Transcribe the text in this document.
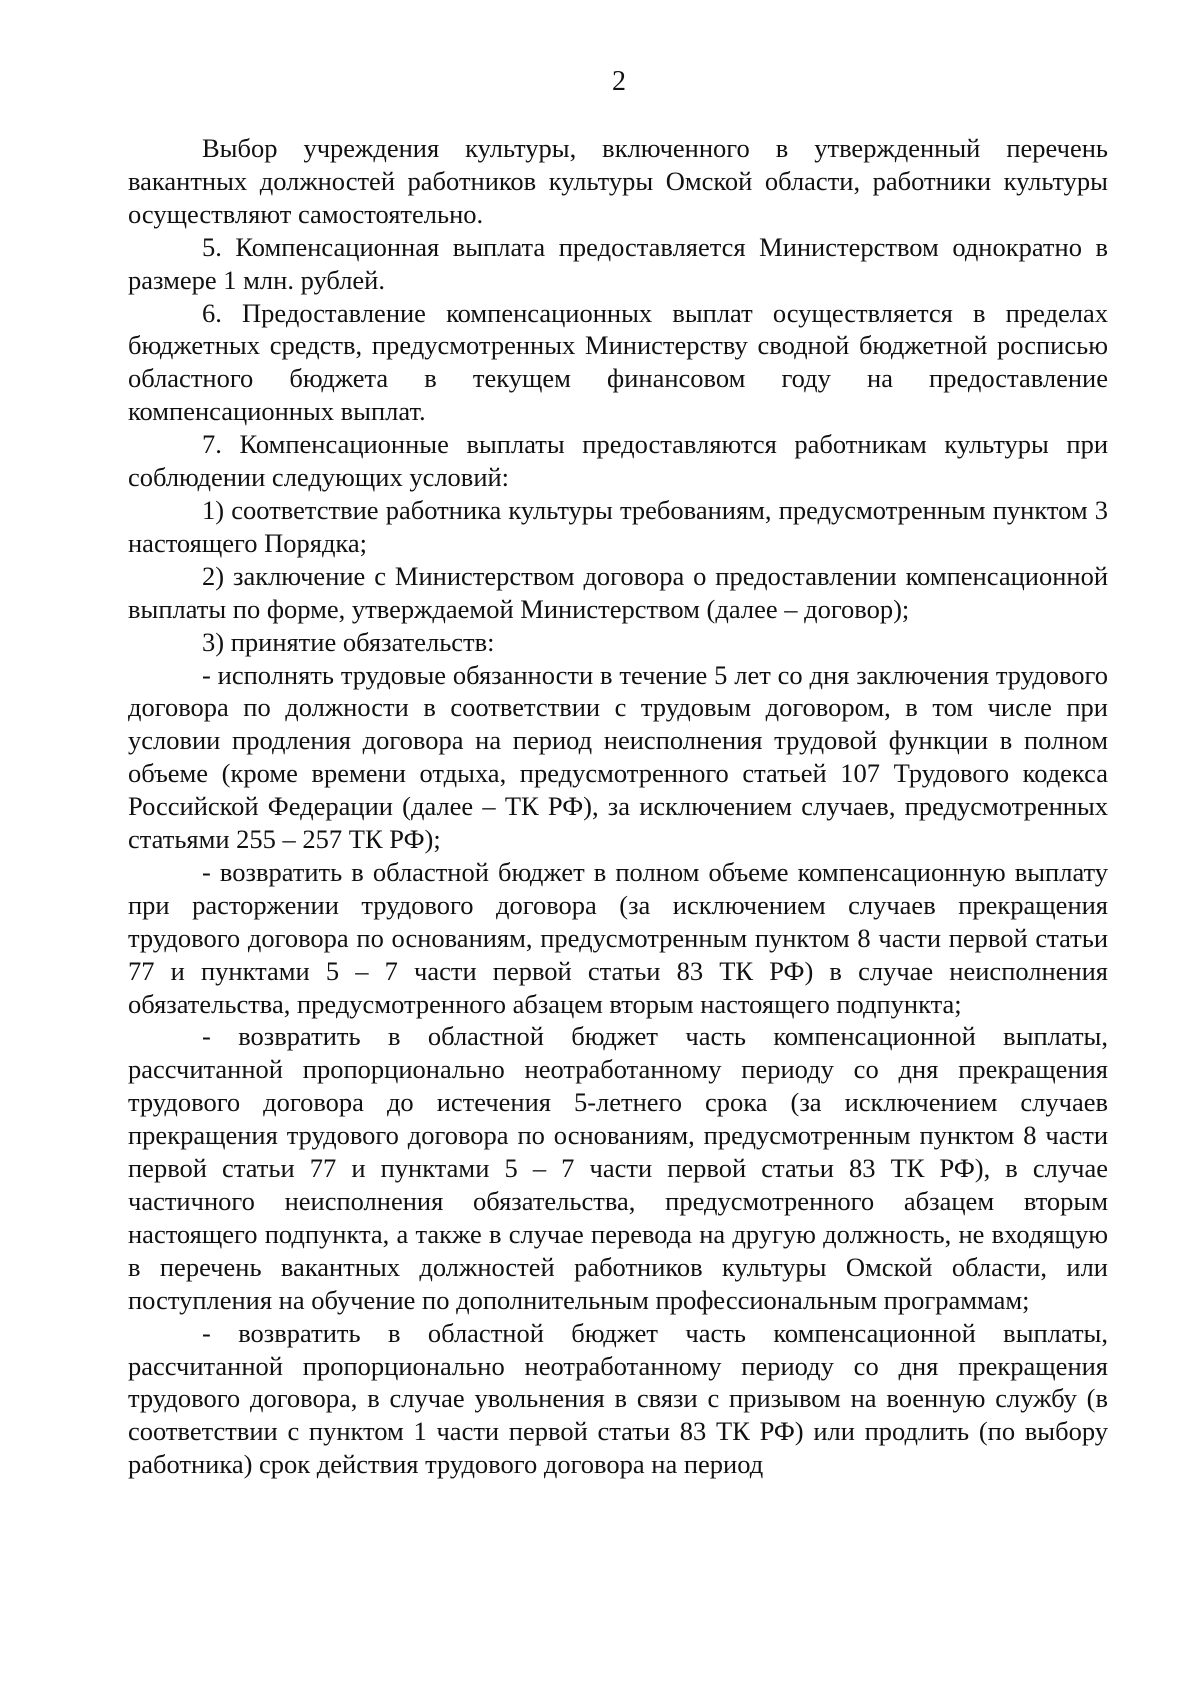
2

Выбор учреждения культуры, включенного в утвержденный перечень вакантных должностей работников культуры Омской области, работники культуры осуществляют самостоятельно.

5. Компенсационная выплата предоставляется Министерством однократно в размере 1 млн. рублей.

6. Предоставление компенсационных выплат осуществляется в пределах бюджетных средств, предусмотренных Министерству сводной бюджетной росписью областного бюджета в текущем финансовом году на предоставление компенсационных выплат.

7. Компенсационные выплаты предоставляются работникам культуры при соблюдении следующих условий:

1) соответствие работника культуры требованиям, предусмотренным пунктом 3 настоящего Порядка;

2) заключение с Министерством договора о предоставлении компенсационной выплаты по форме, утверждаемой Министерством (далее – договор);

3) принятие обязательств:

- исполнять трудовые обязанности в течение 5 лет со дня заключения трудового договора по должности в соответствии с трудовым договором, в том числе при условии продления договора на период неисполнения трудовой функции в полном объеме (кроме времени отдыха, предусмотренного статьей 107 Трудового кодекса Российской Федерации (далее – ТК РФ), за исключением случаев, предусмотренных статьями 255 – 257 ТК РФ);

- возвратить в областной бюджет в полном объеме компенсационную выплату при расторжении трудового договора (за исключением случаев прекращения трудового договора по основаниям, предусмотренным пунктом 8 части первой статьи 77 и пунктами 5 – 7 части первой статьи 83 ТК РФ) в случае неисполнения обязательства, предусмотренного абзацем вторым настоящего подпункта;

- возвратить в областной бюджет часть компенсационной выплаты, рассчитанной пропорционально неотработанному периоду со дня прекращения трудового договора до истечения 5-летнего срока (за исключением случаев прекращения трудового договора по основаниям, предусмотренным пунктом 8 части первой статьи 77 и пунктами 5 – 7 части первой статьи 83 ТК РФ), в случае частичного неисполнения обязательства, предусмотренного абзацем вторым настоящего подпункта, а также в случае перевода на другую должность, не входящую в перечень вакантных должностей работников культуры Омской области, или поступления на обучение по дополнительным профессиональным программам;

- возвратить в областной бюджет часть компенсационной выплаты, рассчитанной пропорционально неотработанному периоду со дня прекращения трудового договора, в случае увольнения в связи с призывом на военную службу (в соответствии с пунктом 1 части первой статьи 83 ТК РФ) или продлить (по выбору работника) срок действия трудового договора на период
